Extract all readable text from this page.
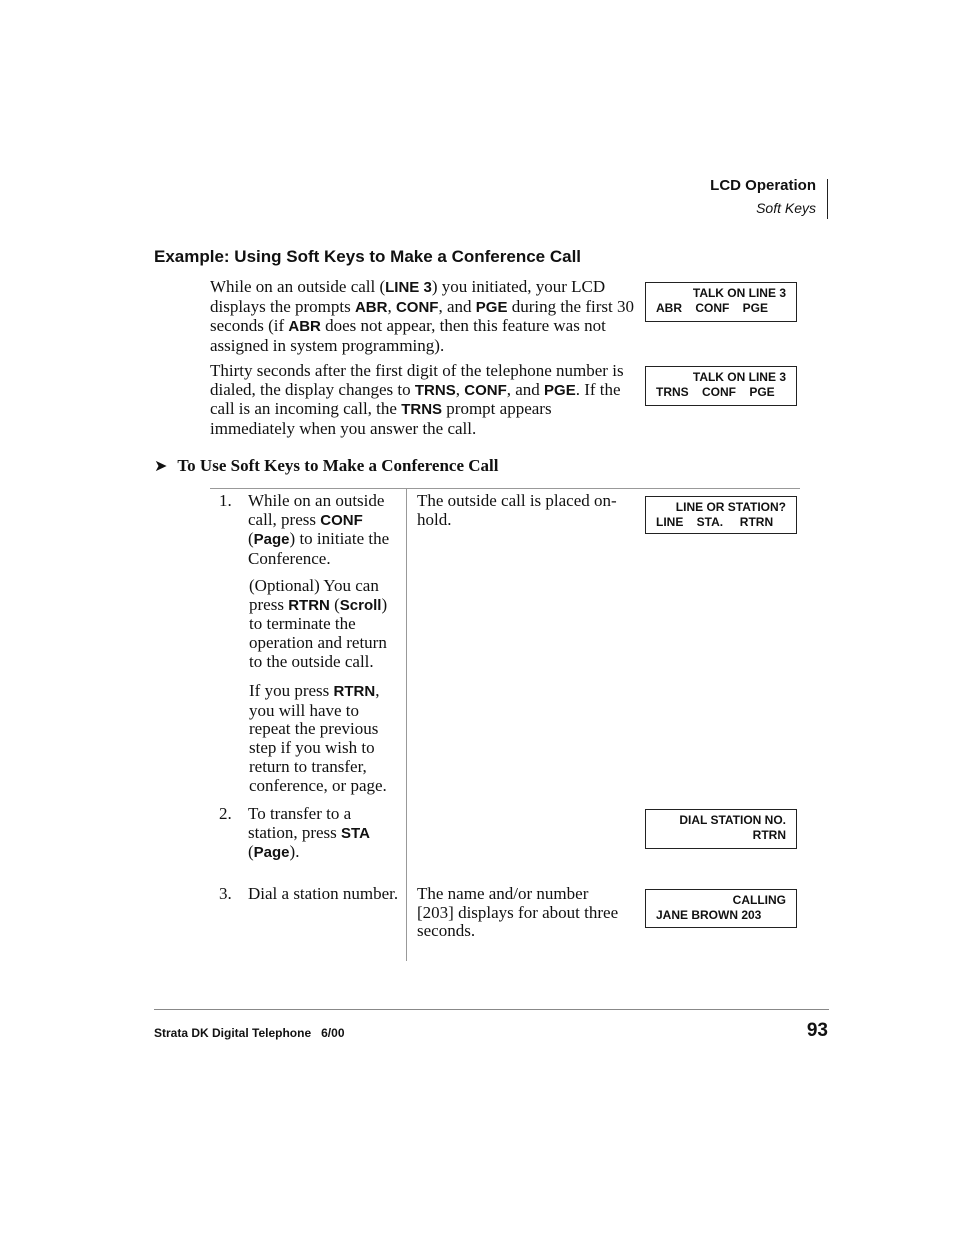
LCD Operation
Soft Keys
Example: Using Soft Keys to Make a Conference Call
While on an outside call (LINE 3) you initiated, your LCD displays the prompts ABR, CONF, and PGE during the first 30 seconds (if ABR does not appear, then this feature was not assigned in system programming).
Thirty seconds after the first digit of the telephone number is dialed, the display changes to TRNS, CONF, and PGE. If the call is an incoming call, the TRNS prompt appears immediately when you answer the call.
TALK ON LINE 3
ABR    CONF    PGE
TALK ON LINE 3
TRNS    CONF    PGE
➤ To Use Soft Keys to Make a Conference Call
1. While on an outside call, press CONF (Page) to initiate the Conference.
(Optional) You can press RTRN (Scroll) to terminate the operation and return to the outside call.
If you press RTRN, you will have to repeat the previous step if you wish to return to transfer, conference, or page.
The outside call is placed on-hold.
LINE OR STATION?
LINE    STA.     RTRN
2. To transfer to a station, press STA (Page).
DIAL STATION NO.
RTRN
3. Dial a station number.	The name and/or number [203] displays for about three seconds.
CALLING
JANE BROWN 203
Strata DK Digital Telephone   6/00	93
